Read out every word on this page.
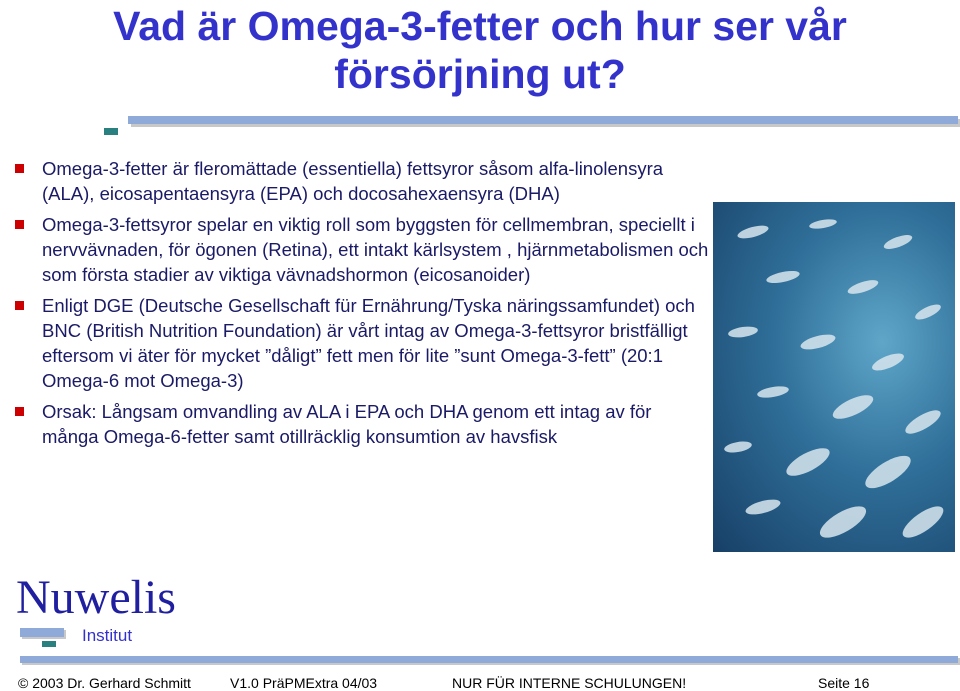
Vad är Omega-3-fetter och hur ser vår försörjning ut?
Omega-3-fetter är fleromättade (essentiella) fettsyror såsom alfa-linolensyra (ALA), eicosapentaensyra (EPA) och docosahexaensyra (DHA)
Omega-3-fettsyror spelar en viktig roll som byggsten för cellmembran, speciellt i nervvävnaden, för ögonen (Retina), ett intakt kärlsystem , hjärnmetabolismen och som första stadier av viktiga vävnadshormon (eicosanoider)
Enligt DGE (Deutsche Gesellschaft für Ernährung/Tyska näringssamfundet) och BNC (British Nutrition Foundation) är vårt intag av Omega-3-fettsyror bristfälligt eftersom vi äter för mycket ”dåligt” fett men för lite ”sunt Omega-3-fett” (20:1 Omega-6 mot Omega-3)
Orsak: Långsam omvandling av ALA i EPA och DHA genom ett intag av för många Omega-6-fetter samt otillräcklig konsumtion av havsfisk
Nuwelis
Institut
© 2003 Dr. Gerhard Schmitt	V1.0 PräPMExtra 04/03	NUR FÜR INTERNE SCHULUNGEN!	Seite 16
